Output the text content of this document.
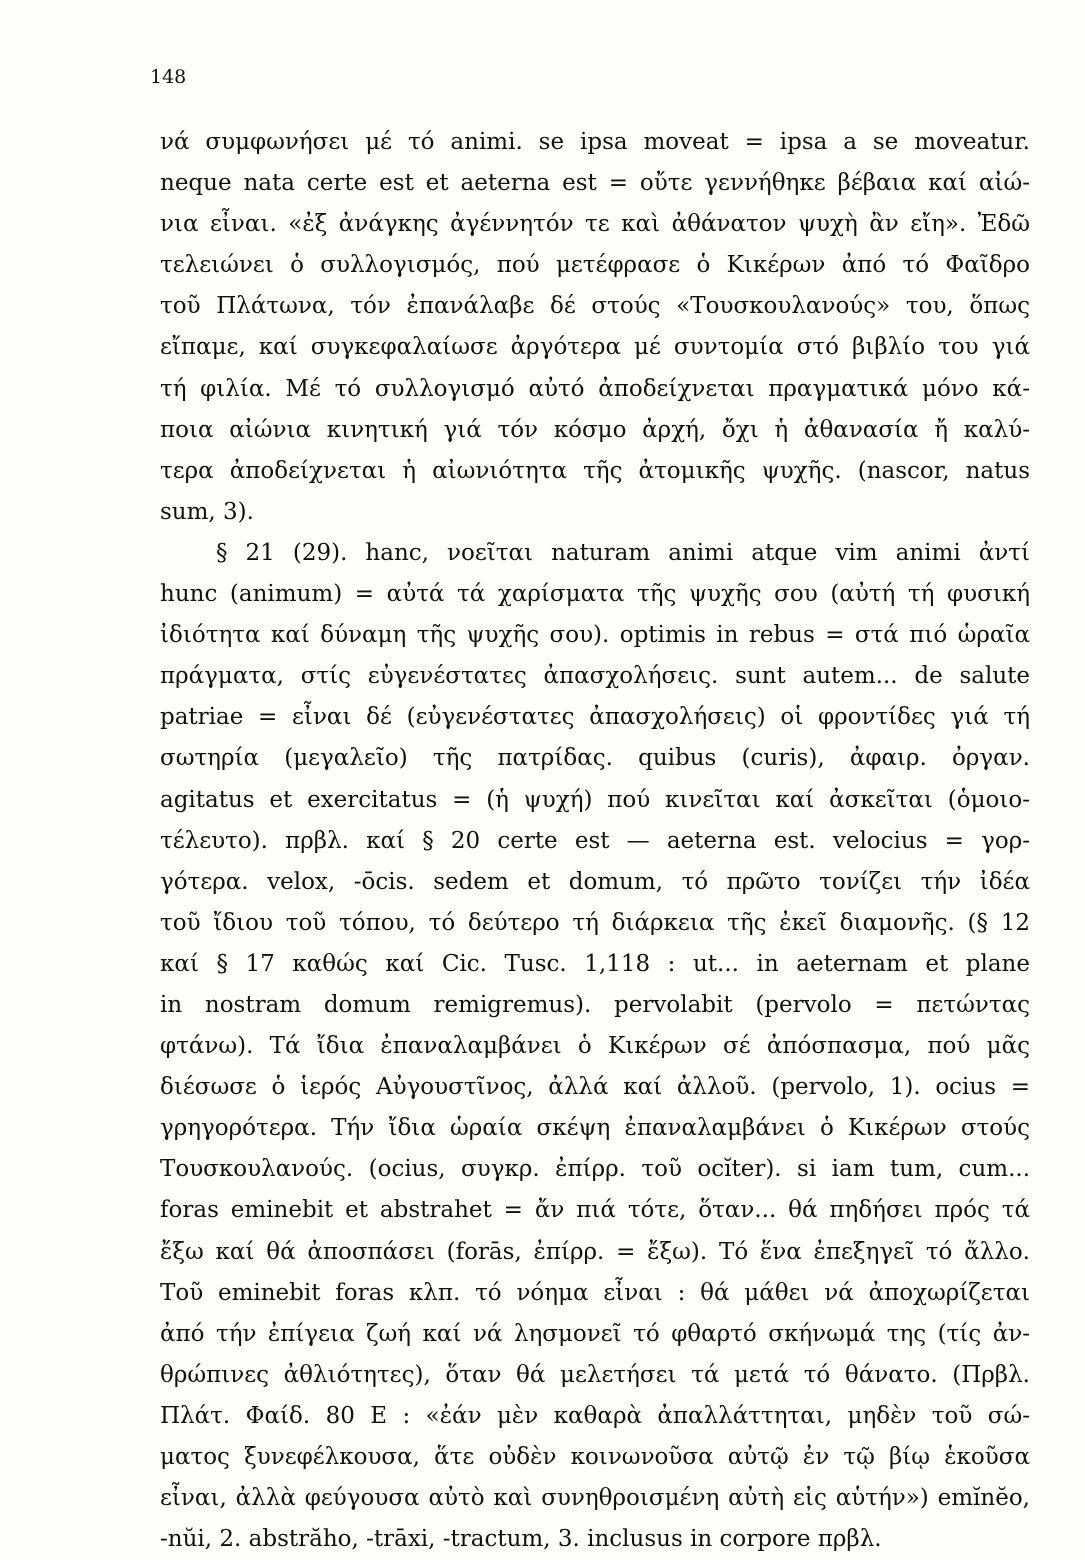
148
νά συμφωνήσει μέ τό animi. se ipsa moveat = ipsa a se moveatur.
neque nata certe est et aeterna est = οὔτε γεννήθηκε βέβαια καί αἰώ-
νια εἶναι. «ἐξ ἀνάγκης ἀγέννητόν τε καὶ ἀθάνατον ψυχὴ ἂν εἴη». Ἐδῶ
τελειώνει ὁ συλλογισμός, πού μετέφρασε ὁ Κικέρων ἀπό τό Φαῖδρο
τοῦ Πλάτωνα, τόν ἐπανάλαβε δέ στούς «Τουσκουλανούς» του, ὅπως
εἴπαμε, καί συγκεφαλαίωσε ἀργότερα μέ συντομία στό βιβλίο του γιά
τή φιλία. Μέ τό συλλογισμό αὐτό ἀποδείχνεται πραγματικά μόνο κά-
ποια αἰώνια κινητική γιά τόν κόσμο ἀρχή, ὄχι ἡ ἀθανασία ἤ καλύ-
τερα ἀποδείχνεται ἡ αἰωνιότητα τῆς ἀτομικῆς ψυχῆς. (nascor, natus
sum, 3).
§ 21 (29). hanc, νοεῖται naturam animi atque vim animi ἀντί
hunc (animum) = αὐτά τά χαρίσματα τῆς ψυχῆς σου (αὐτή τή φυσική
ἰδιότητα καί δύναμη τῆς ψυχῆς σου). optimis in rebus = στά πιό ὡραῖα
πράγματα, στίς εὐγενέστατες ἀπασχολήσεις. sunt autem... de salute
patriae = εἶναι δέ (εὐγενέστατες ἀπασχολήσεις) οἱ φροντίδες γιά τή
σωτηρία (μεγαλεῖο) τῆς πατρίδας. quibus (curis), ἀφαιρ. ὀργαν.
agitatus et exercitatus = (ἡ ψυχή) πού κινεῖται καί ἀσκεῖται (ὁμοιο-
τέλευτο). πρβλ. καί § 20 certe est — aeterna est. velocius = γορ-
γότερα. velox, -ōcis. sedem et domum, τό πρῶτο τονίζει τήν ἰδέα
τοῦ ἴδιου τοῦ τόπου, τό δεύτερο τή διάρκεια τῆς ἐκεῖ διαμονῆς. (§ 12
καί § 17 καθώς καί Cic. Tusc. 1,118 : ut... in aeternam et plane
in nostram domum remigremus). pervolabit (pervolo = πετώντας
φτάνω). Τά ἴδια ἐπαναλαμβάνει ὁ Κικέρων σέ ἀπόσπασμα, πού μᾶς
διέσωσε ὁ ἱερός Αὐγουστῖνος, ἀλλά καί ἀλλοῦ. (pervolo, 1). ocius =
γρηγορότερα. Τήν ἴδια ὡραία σκέψη ἐπαναλαμβάνει ὁ Κικέρων στούς
Τουσκουλανούς. (ocius, συγκρ. ἐπίρρ. τοῦ ocĭter). si iam tum, cum...
foras eminebit et abstrahet = ἄν πιά τότε, ὅταν... θά πηδήσει πρός τά
ἔξω καί θά ἀποσπάσει (forās, ἐπίρρ. = ἔξω). Τό ἕνα ἐπεξηγεῖ τό ἄλλο.
Τοῦ eminebit foras κλπ. τό νόημα εἶναι : θά μάθει νά ἀποχωρίζεται
ἀπό τήν ἐπίγεια ζωή καί νά λησμονεῖ τό φθαρτό σκήνωμά της (τίς ἀν-
θρώπινες ἀθλιότητες), ὅταν θά μελετήσει τά μετά τό θάνατο. (Πρβλ.
Πλάτ. Φαίδ. 80 Ε : «ἐάν μὲν καθαρὰ ἀπαλλάττηται, μηδὲν τοῦ σώ-
ματος ξυνεφέλκουσα, ἅτε οὐδὲν κοινωνοῦσα αὐτῷ ἐν τῷ βίῳ ἑκοῦσα
εἶναι, ἀλλὰ φεύγουσα αὐτὸ καὶ συνηθροισμένη αὐτὴ εἰς αὑτήν») emĭnĕo,
-nŭi, 2. abstrăho, -trāxi, -tractum, 3. inclusus in corpore πρβλ.
